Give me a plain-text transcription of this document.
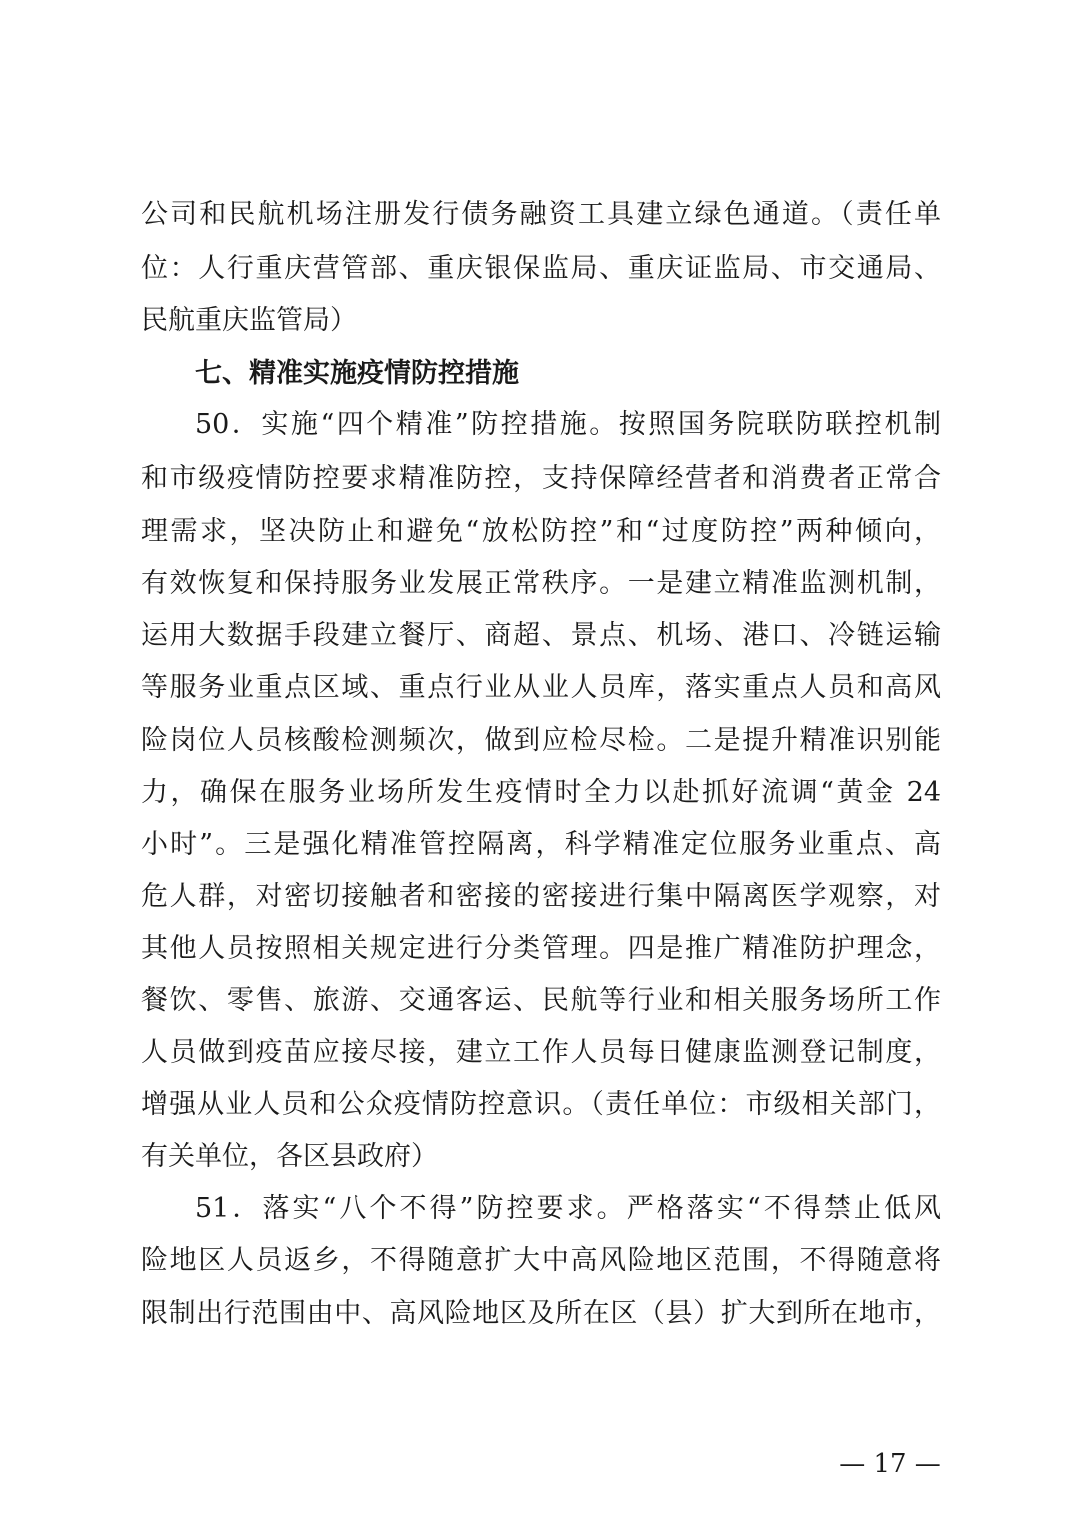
公司和民航机场注册发行债务融资工具建立绿色通道。（责任单
位：人行重庆营管部、重庆银保监局、重庆证监局、市交通局、
民航重庆监管局）
七、精准实施疫情防控措施
50．实施“四个精准”防控措施。按照国务院联防联控机制
和市级疫情防控要求精准防控，支持保障经营者和消费者正常合
理需求，坚决防止和避免“放松防控”和“过度防控”两种倾向，
有效恢复和保持服务业发展正常秩序。一是建立精准监测机制，
运用大数据手段建立餐厅、商超、景点、机场、港口、冷链运输
等服务业重点区域、重点行业从业人员库，落实重点人员和高风
险岗位人员核酸检测频次，做到应检尽检。二是提升精准识别能
力，确保在服务业场所发生疫情时全力以赴抓好流调“黄金 24
小时”。三是强化精准管控隔离，科学精准定位服务业重点、高
危人群，对密切接触者和密接的密接进行集中隔离医学观察，对
其他人员按照相关规定进行分类管理。四是推广精准防护理念，
餐饮、零售、旅游、交通客运、民航等行业和相关服务场所工作
人员做到疫苗应接尽接，建立工作人员每日健康监测登记制度，
增强从业人员和公众疫情防控意识。（责任单位：市级相关部门，
有关单位，各区县政府）
51．落实“八个不得”防控要求。严格落实“不得禁止低风
险地区人员返乡，不得随意扩大中高风险地区范围，不得随意将
限制出行范围由中、高风险地区及所在区（县）扩大到所在地市，
— 17 —
